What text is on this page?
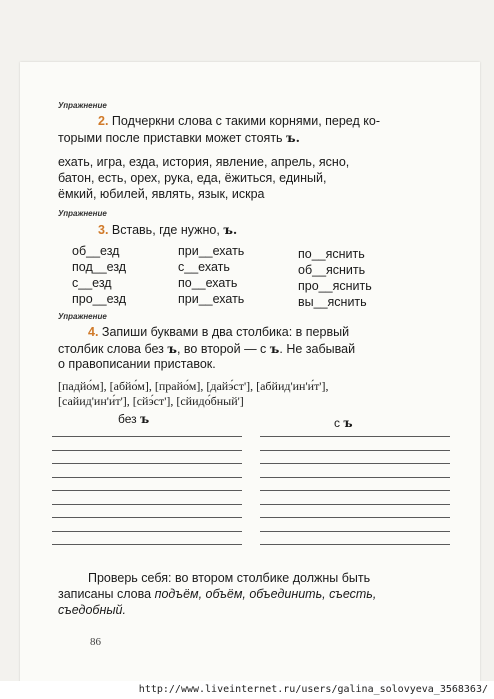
Упражнение
2. Подчеркни слова с такими корнями, перед ко-
торыми после приставки может стоять ъ.
ехать, игра, езда, история, явление, апрель, ясно,
батон, есть, орех, рука, еда, ёжиться, единый,
ёмкий, юбилей, являть, язык, искра
Упражнение
3. Вставь, где нужно, ъ.
об__езд
под__езд
с__езд
про__езд
при__ехать
с__ехать
по__ехать
при__ехать
по__яснить
об__яснить
про__яснить
вы__яснить
Упражнение
4. Запиши буквами в два столбика: в первый
столбик слова без ъ, во второй — с ъ. Не забывай
о правописании приставок.
[падйо́м], [абйо́м], [прайо́м], [дайэ́ст'], [абйид'ин'и́т'],
[сайид'ин'и́т'], [сйэ́ст'], [сйидо́бный']
без ъ	с ъ
Проверь себя: во втором столбике должны быть
записаны слова подъём, объём, объединить, съесть,
съедобный.
86
http://www.liveinternet.ru/users/galina_solovyeva_3568363/
